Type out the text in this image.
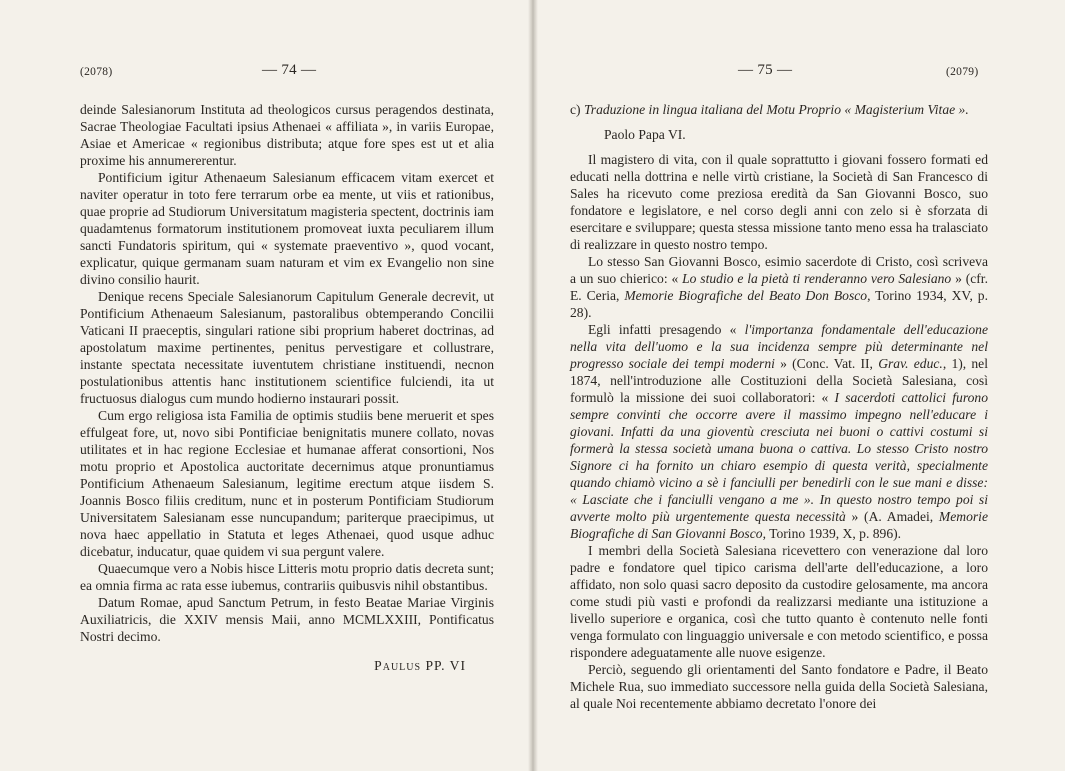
(2078)	— 74 —	— 75 —	(2079)

deinde Salesianorum Instituta ad theologicos cursus peragendos destinata, Sacrae Theologiae Facultati ipsius Athenaei « affiliata », in variis Europae, Asiae et Americae « regionibus distributa; atque fore spes est ut et alia proxime his annumererentur.

Pontificium igitur Athenaeum Salesianum efficacem vitam exercet et naviter operatur in toto fere terrarum orbe ea mente, ut viis et rationibus, quae proprie ad Studiorum Universitatum magisteria spectent, doctrinis iam quadamtenus formatorum institutionem promoveat iuxta peculiarem illum sancti Fundatoris spiritum, qui « systemate praeventivo », quod vocant, explicatur, quique germanam suam naturam et vim ex Evangelio non sine divino consilio haurit.

Denique recens Speciale Salesianorum Capitulum Generale decrevit, ut Pontificium Athenaeum Salesianum, pastoralibus obtemperando Concilii Vaticani II praeceptis, singulari ratione sibi proprium haberet doctrinas, ad apostolatum maxime pertinentes, penitus pervestigare et collustrare, instante spectata necessitate iuventutem christiane instituendi, necnon postulationibus attentis hanc institutionem scientifice fulciendi, ita ut fructuosus dialogus cum mundo hodierno instaurari possit.

Cum ergo religiosa ista Familia de optimis studiis bene meruerit et spes effulgeat fore, ut, novo sibi Pontificiae benignitatis munere collato, novas utilitates et in hac regione Ecclesiae et humanae afferat consortioni, Nos motu proprio et Apostolica auctoritate decernimus atque pronuntiamus Pontificium Athenaeum Salesianum, legitime erectum atque iisdem S. Joannis Bosco filiis creditum, nunc et in posterum Pontificiam Studiorum Universitatem Salesianam esse nuncupandum; pariterque praecipimus, ut nova haec appellatio in Statuta et leges Athenaei, quod usque adhuc dicebatur, inducatur, quae quidem vi sua pergunt valere.

Quaecumque vero a Nobis hisce Litteris motu proprio datis decreta sunt; ea omnia firma ac rata esse iubemus, contrariis quibusvis nihil obstantibus.

Datum Romae, apud Sanctum Petrum, in festo Beatae Mariae Virginis Auxiliatricis, die XXIV mensis Maii, anno MCMLXXIII, Pontificatus Nostri decimo.

Paulus PP. VI

c) Traduzione in lingua italiana del Motu Proprio « Magisterium Vitae ».

Paolo Papa VI.

Il magistero di vita, con il quale soprattutto i giovani fossero formati ed educati nella dottrina e nelle virtù cristiane, la Società di San Francesco di Sales ha ricevuto come preziosa eredità da San Giovanni Bosco, suo fondatore e legislatore, e nel corso degli anni con zelo si è sforzata di esercitare e sviluppare; questa stessa missione tanto meno essa ha tralasciato di realizzare in questo nostro tempo.

Lo stesso San Giovanni Bosco, esimio sacerdote di Cristo, così scriveva a un suo chierico: « Lo studio e la pietà ti renderanno vero Salesiano » (cfr. E. Ceria, Memorie Biografiche del Beato Don Bosco, Torino 1934, XV, p. 28).

Egli infatti presagendo « l'importanza fondamentale dell'educazione nella vita dell'uomo e la sua incidenza sempre più determinante nel progresso sociale dei tempi moderni » (Conc. Vat. II, Grav. educ., 1), nel 1874, nell'introduzione alle Costituzioni della Società Salesiana, così formulò la missione dei suoi collaboratori: « I sacerdoti cattolici furono sempre convinti che occorre avere il massimo impegno nell'educare i giovani. Infatti da una gioventù cresciuta nei buoni o cattivi costumi si formerà la stessa società umana buona o cattiva. Lo stesso Cristo nostro Signore ci ha fornito un chiaro esempio di questa verità, specialmente quando chiamò vicino a sè i fanciulli per benedirli con le sue mani e disse: « Lasciate che i fanciulli vengano a me ». In questo nostro tempo poi si avverte molto più urgentemente questa necessità » (A. Amadei, Memorie Biografiche di San Giovanni Bosco, Torino 1939, X, p. 896).

I membri della Società Salesiana ricevettero con venerazione dal loro padre e fondatore quel tipico carisma dell'arte dell'educazione, a loro affidato, non solo quasi sacro deposito da custodire gelosamente, ma ancora come studi più vasti e profondi da realizzarsi mediante una istituzione a livello superiore e organica, così che tutto quanto è contenuto nelle fonti venga formulato con linguaggio universale e con metodo scientifico, e possa rispondere adeguatamente alle nuove esigenze.

Perciò, seguendo gli orientamenti del Santo fondatore e Padre, il Beato Michele Rua, suo immediato successore nella guida della Società Salesiana, al quale Noi recentemente abbiamo decretato l'onore dei
